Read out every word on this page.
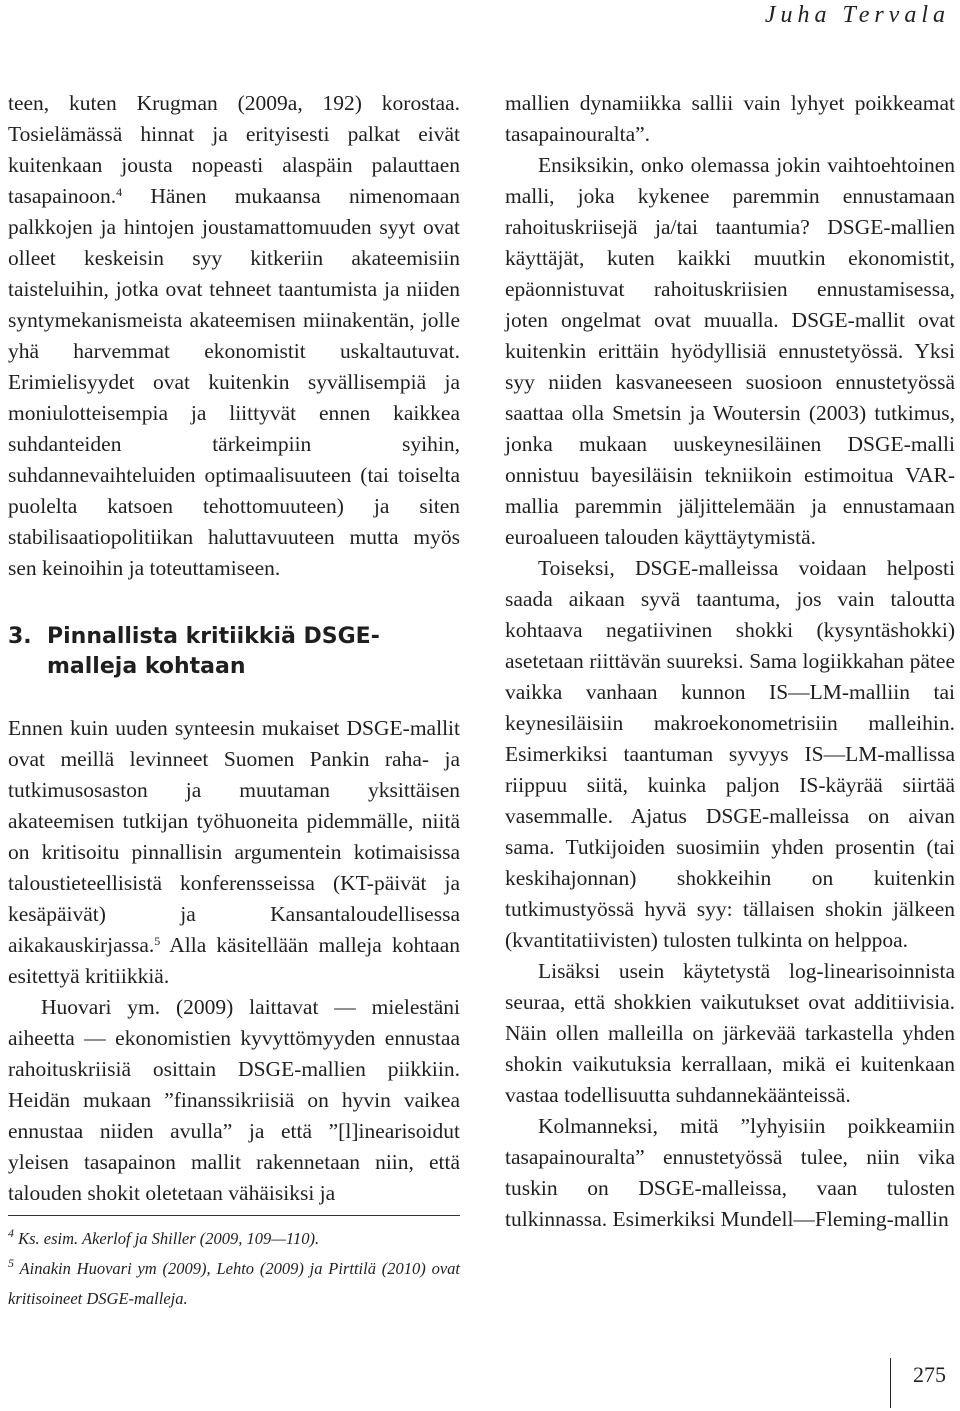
Juha Tervala

teen, kuten Krugman (2009a, 192) korostaa. Tosielämässä hinnat ja erityisesti palkat eivät kuitenkaan jousta nopeasti alaspäin palauttaen tasapainoon.$^4$ Hänen mukaansa nimenomaan palkkojen ja hintojen joustamattomuuden syyt ovat olleet keskeisin syy kitkeriin akateemisiin taisteluihin, jotka ovat tehneet taantumista ja niiden syntymekanismeista akateemisen miinakentän, jolle yhä harvemmat ekonomistit uskaltautuvat. Erimielisyydet ovat kuitenkin syvällisempiä ja moniulotteisempia ja liittyvät ennen kaikkea suhdanteiden tärkeimpiin syihin, suhdannevaihteluiden optimaalisuuteen (tai toiselta puolelta katsoen tehottomuuteen) ja siten stabilisaatiopolitiikan haluttavuuteen mutta myös sen keinoihin ja toteuttamiseen.

3. Pinnallista kritiikkiä DSGE-malleja kohtaan

Ennen kuin uuden synteesin mukaiset DSGE-mallit ovat meillä levinneet Suomen Pankin raha- ja tutkimusosaston ja muutaman yksittäisen akateemisen tutkijan työhuoneita pidemmälle, niitä on kritisoitu pinnallisin argumentein kotimaisissa taloustieteellisistä konferensseissa (KT-päivät ja kesäpäivät) ja Kansantaloudellisessa aikakauskirjassa.$^5$ Alla käsitellään malleja kohtaan esitettyä kritiikkiä.

Huovari ym. (2009) laittavat — mielestäni aiheetta — ekonomistien kyvyttömyyden ennustaa rahoituskriisiä osittain DSGE-mallien piikkiin. Heidän mukaan ”finanssikriisiä on hyvin vaikea ennustaa niiden avulla” ja että ”[l]inearisoidut yleisen tasapainon mallit rakennetaan niin, että talouden shokit oletetaan vähäisiksi ja

$^4$ Ks. esim. Akerlof ja Shiller (2009, 109—110).

$^5$ Ainakin Huovari ym (2009), Lehto (2009) ja Pirttilä (2010) ovat kritisoineet DSGE-malleja.

mallien dynamiikka sallii vain lyhyet poikkeamat tasapainouralta”.

Ensiksikin, onko olemassa jokin vaihtoehtoinen malli, joka kykenee paremmin ennustamaan rahoituskriisejä ja/tai taantumia? DSGE-mallien käyttäjät, kuten kaikki muutkin ekonomistit, epäonnistuvat rahoituskriisien ennustamisessa, joten ongelmat ovat muualla. DSGE-mallit ovat kuitenkin erittäin hyödyllisiä ennustetyössä. Yksi syy niiden kasvaneeseen suosioon ennustetyössä saattaa olla Smetsin ja Woutersin (2003) tutkimus, jonka mukaan uuskeynesiläinen DSGE-malli onnistuu bayesiläisin tekniikoin estimoitua VAR-mallia paremmin jäljittelemään ja ennustamaan euroalueen talouden käyttäytymistä.

Toiseksi, DSGE-malleissa voidaan helposti saada aikaan syvä taantuma, jos vain taloutta kohtaava negatiivinen shokki (kysyntäshokki) asetetaan riittävän suureksi. Sama logiikkahan pätee vaikka vanhaan kunnon IS—LM-malliin tai keynesiläisiin makroekonometrisiin malleihin. Esimerkiksi taantuman syvyys IS—LM-mallissa riippuu siitä, kuinka paljon IS-käyrää siirtää vasemmalle. Ajatus DSGE-malleissa on aivan sama. Tutkijoiden suosimiin yhden prosentin (tai keskihajonnan) shokkeihin on kuitenkin tutkimustyössä hyvä syy: tällaisen shokin jälkeen (kvantitatiivisten) tulosten tulkinta on helppoa.

Lisäksi usein käytetystä log-linearisoinnista seuraa, että shokkien vaikutukset ovat additiivisia. Näin ollen malleilla on järkevää tarkastella yhden shokin vaikutuksia kerrallaan, mikä ei kuitenkaan vastaa todellisuutta suhdannekäänteissä.

Kolmanneksi, mitä ”lyhyisiin poikkeamiin tasapainouralta” ennustetyössä tulee, niin vika tuskin on DSGE-malleissa, vaan tulosten tulkinnassa. Esimerkiksi Mundell—Fleming-mallin

275
